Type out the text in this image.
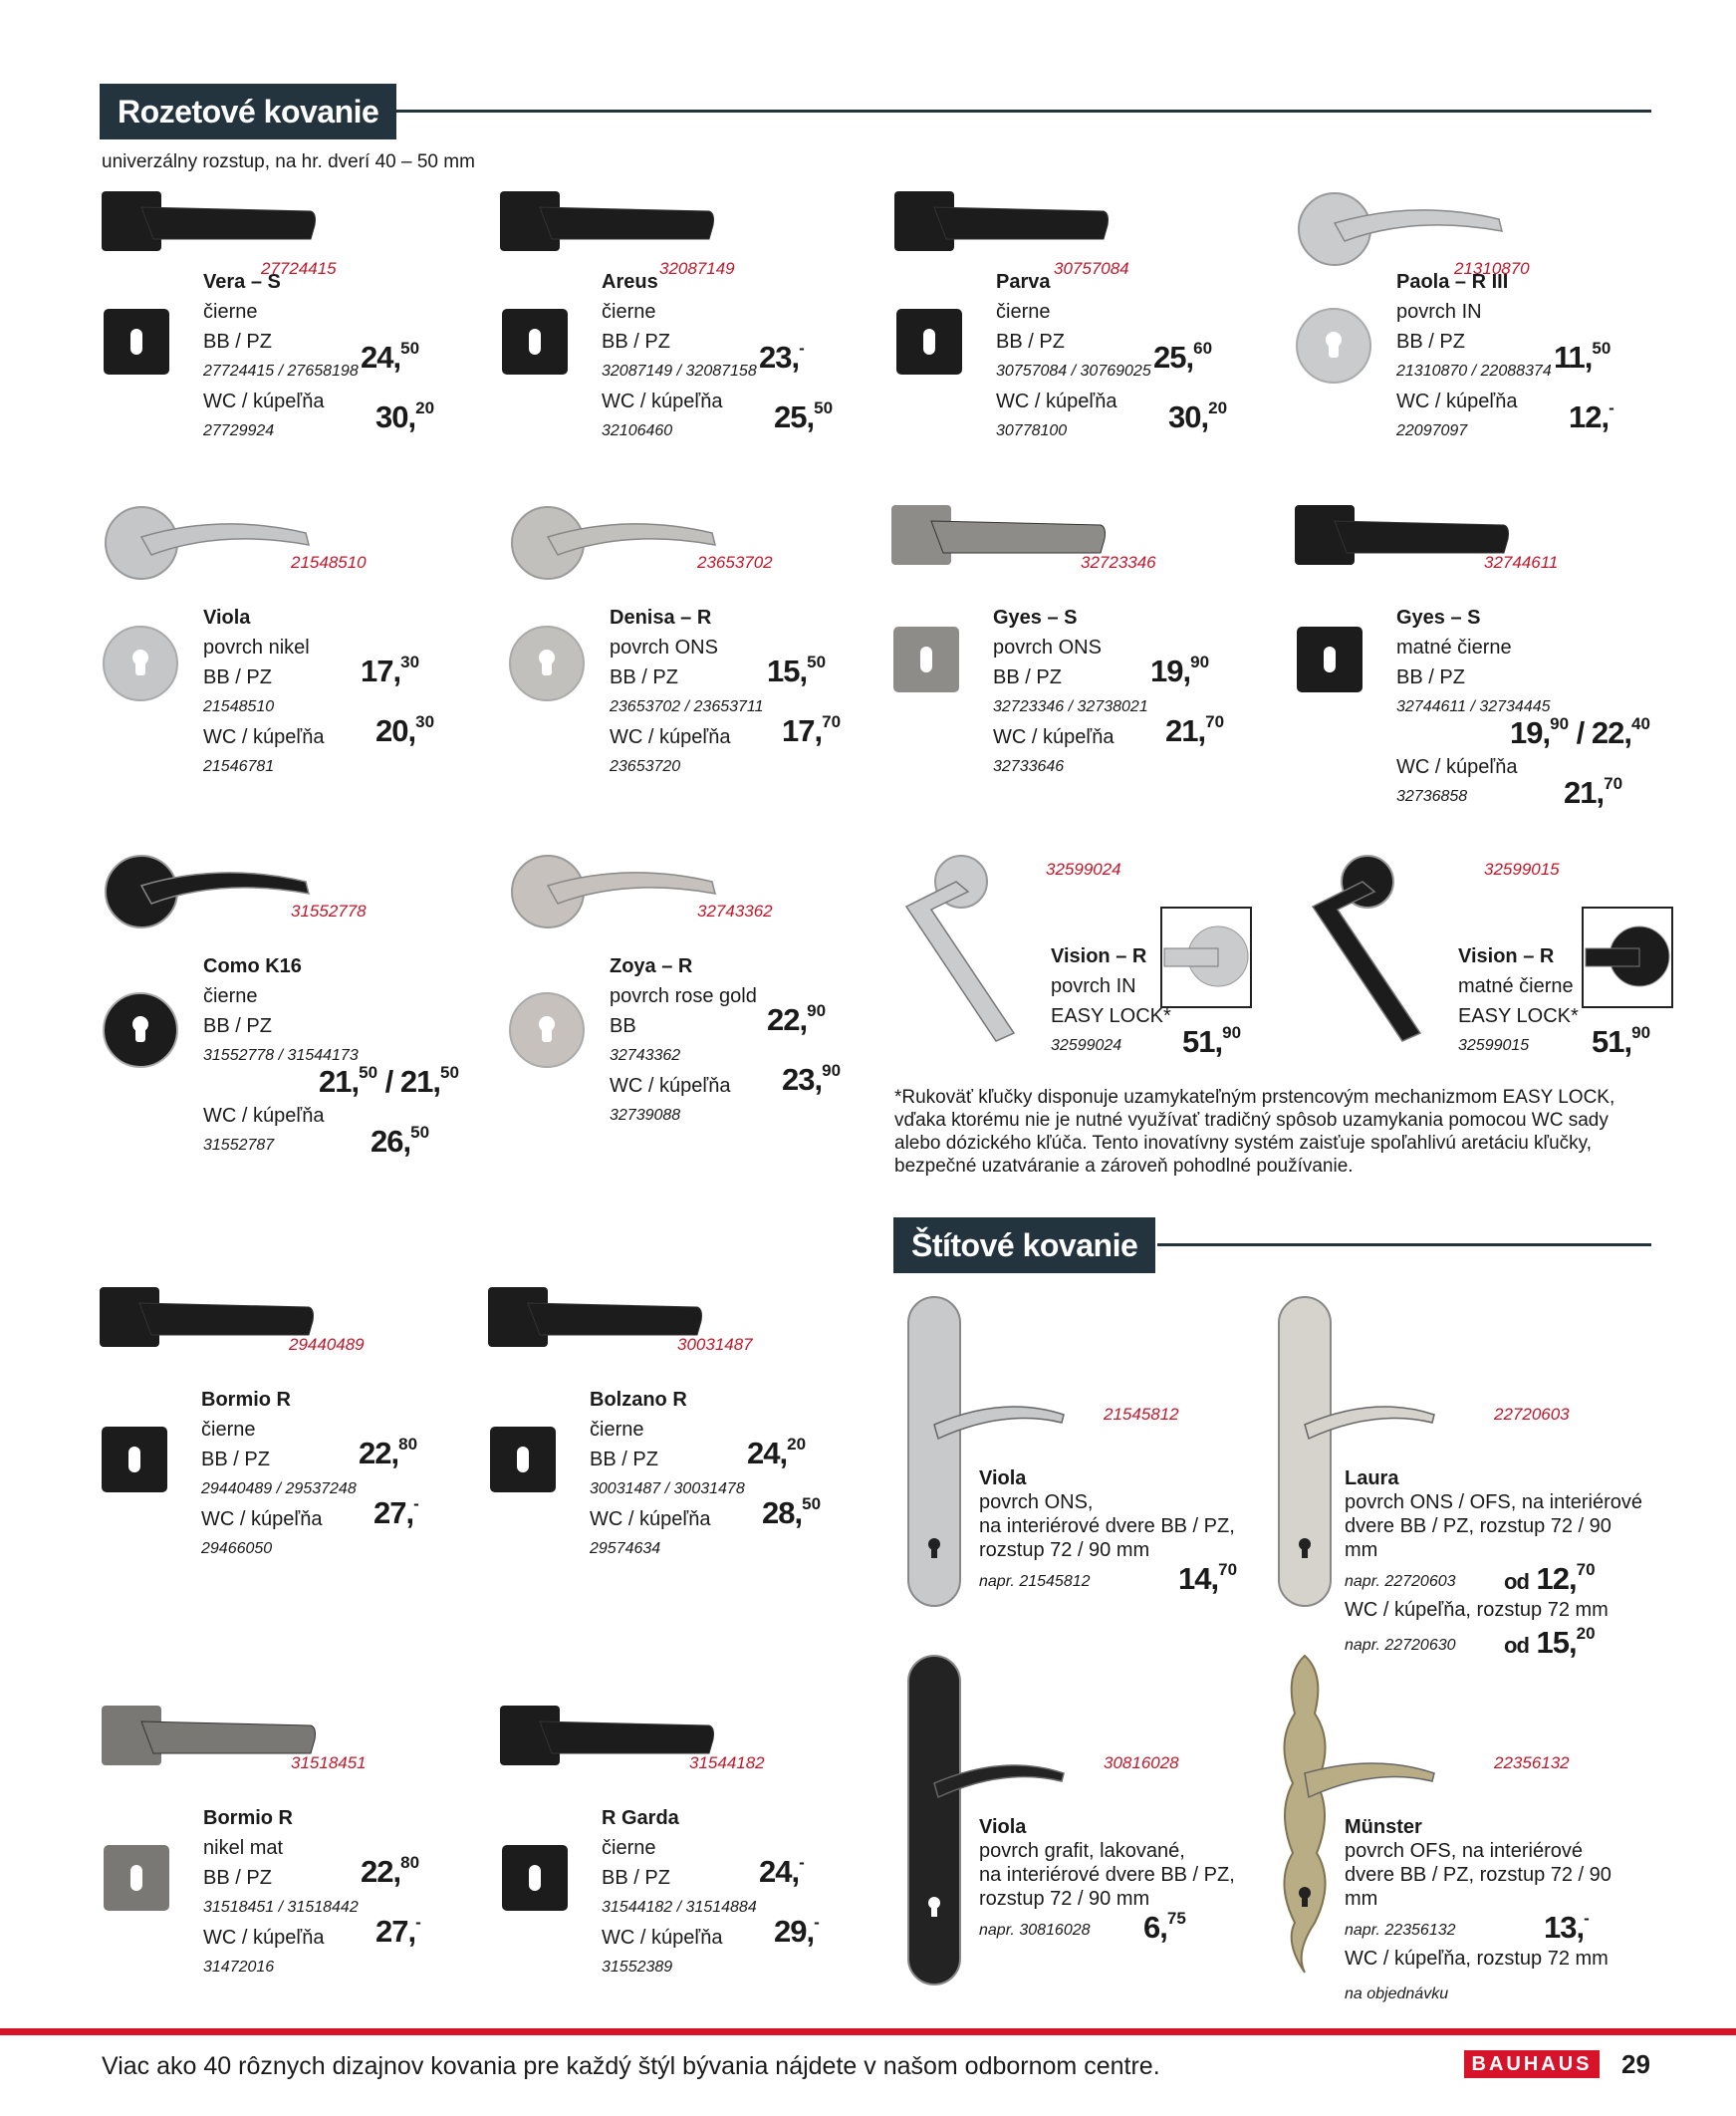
Rozetové kovanie
univerzálny rozstup, na hr. dverí 40 – 50 mm
27724415
Vera – S
čierne
BB / PZ
27724415 / 27658198
WC / kúpeľňa
27729924
24,50
30,20
32087149
Areus
čierne
BB / PZ
32087149 / 32087158
WC / kúpeľňa
32106460
23,-
25,50
30757084
Parva
čierne
BB / PZ
30757084 / 30769025
WC / kúpeľňa
30778100
25,60
30,20
21310870
Paola – R III
povrch IN
BB / PZ
21310870 / 22088374
WC / kúpeľňa
22097097
11,50
12,-
21548510
Viola
povrch nikel
BB / PZ
21548510
WC / kúpeľňa
21546781
17,30
20,30
23653702
Denisa – R
povrch ONS
BB / PZ
23653702 / 23653711
WC / kúpeľňa
23653720
15,50
17,70
32723346
Gyes – S
povrch ONS
BB / PZ
32723346 / 32738021
WC / kúpeľňa
32733646
19,90
21,70
32744611
Gyes – S
matné čierne
BB / PZ
32744611 / 32734445
WC / kúpeľňa
32736858
19,90 / 22,40
21,70
31552778
Como K16
čierne
BB / PZ
31552778 / 31544173
WC / kúpeľňa
31552787
21,50 / 21,50
26,50
32743362
Zoya – R
povrch rose gold
BB
32743362
WC / kúpeľňa
32739088
22,90
23,90
29440489
Bormio R
čierne
BB / PZ
29440489 / 29537248
WC / kúpeľňa
29466050
22,80
27,-
30031487
Bolzano R
čierne
BB / PZ
30031487 / 30031478
WC / kúpeľňa
29574634
24,20
28,50
31518451
Bormio R
nikel mat
BB / PZ
31518451 / 31518442
WC / kúpeľňa
31472016
22,80
27,-
31544182
R Garda
čierne
BB / PZ
31544182 / 31514884
WC / kúpeľňa
31552389
24,-
29,-
32599024
Vision – R
povrch IN
EASY LOCK*
32599024	51,90
32599015
Vision – R
matné čierne
EASY LOCK*
32599015	51,90
*Rukoväť kľučky disponuje uzamykateľným prstencovým mechanizmom EASY LOCK, vďaka ktorému nie je nutné využívať tradičný spôsob uzamykania pomocou WC sady alebo dózického kľúča. Tento inovatívny systém zaisťuje spoľahlivú aretáciu kľučky, bezpečné uzatváranie a zároveň pohodlné používanie.
Štítové kovanie
21545812
Viola
povrch ONS,
na interiérové dvere BB / PZ,
rozstup 72 / 90 mm
napr. 21545812	14,70
22720603
Laura
povrch ONS / OFS, na interiérové
dvere BB / PZ, rozstup 72 / 90 mm
napr. 22720603 od 12,70
WC / kúpeľňa, rozstup 72 mm
napr. 22720630 od 15,20
30816028
Viola
povrch grafit, lakované,
na interiérové dvere BB / PZ,
rozstup 72 / 90 mm
napr. 30816028 6,75
22356132
Münster
povrch OFS, na interiérové
dvere BB / PZ, rozstup 72 / 90 mm
napr. 22356132	13,-
WC / kúpeľňa, rozstup 72 mm
na objednávku
Viac ako 40 rôznych dizajnov kovania pre každý štýl bývania nájdete v našom odbornom centre.	BAUHAUS 29
